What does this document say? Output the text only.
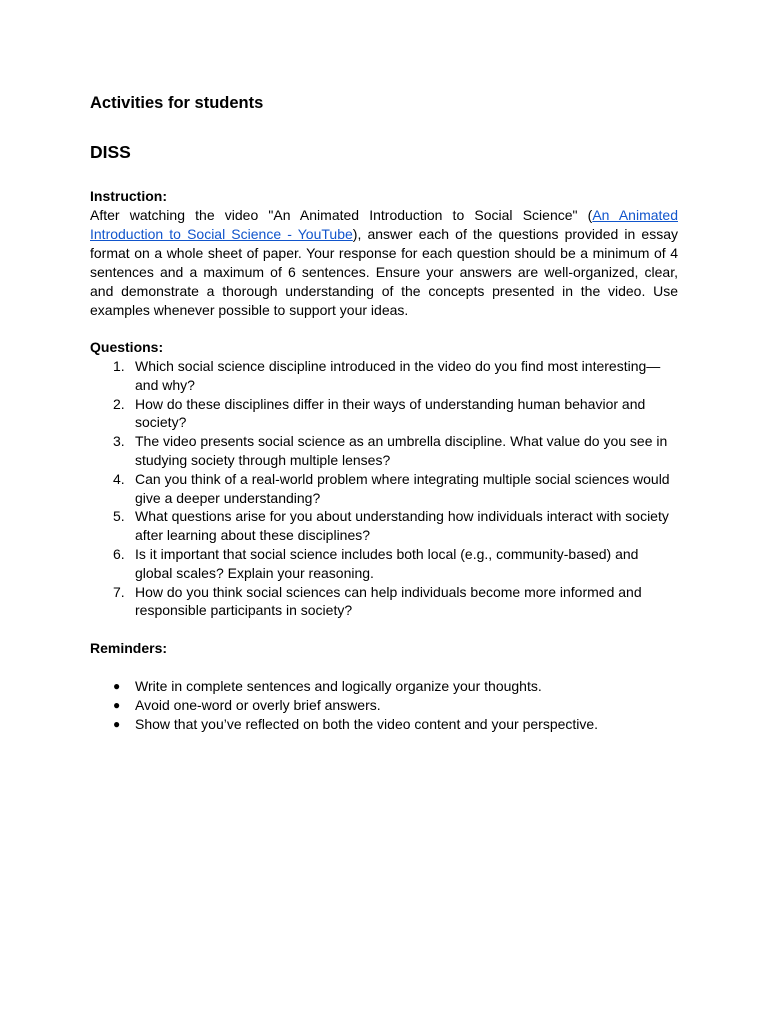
Activities for students
DISS
Instruction:
After watching the video "An Animated Introduction to Social Science" (An Animated Introduction to Social Science - YouTube), answer each of the questions provided in essay format on a whole sheet of paper. Your response for each question should be a minimum of 4 sentences and a maximum of 6 sentences. Ensure your answers are well-organized, clear, and demonstrate a thorough understanding of the concepts presented in the video. Use examples whenever possible to support your ideas.
Questions:
1. Which social science discipline introduced in the video do you find most interesting—and why?
2. How do these disciplines differ in their ways of understanding human behavior and society?
3. The video presents social science as an umbrella discipline. What value do you see in studying society through multiple lenses?
4. Can you think of a real-world problem where integrating multiple social sciences would give a deeper understanding?
5. What questions arise for you about understanding how individuals interact with society after learning about these disciplines?
6. Is it important that social science includes both local (e.g., community-based) and global scales? Explain your reasoning.
7. How do you think social sciences can help individuals become more informed and responsible participants in society?
Reminders:
● Write in complete sentences and logically organize your thoughts.
● Avoid one-word or overly brief answers.
● Show that you’ve reflected on both the video content and your perspective.
